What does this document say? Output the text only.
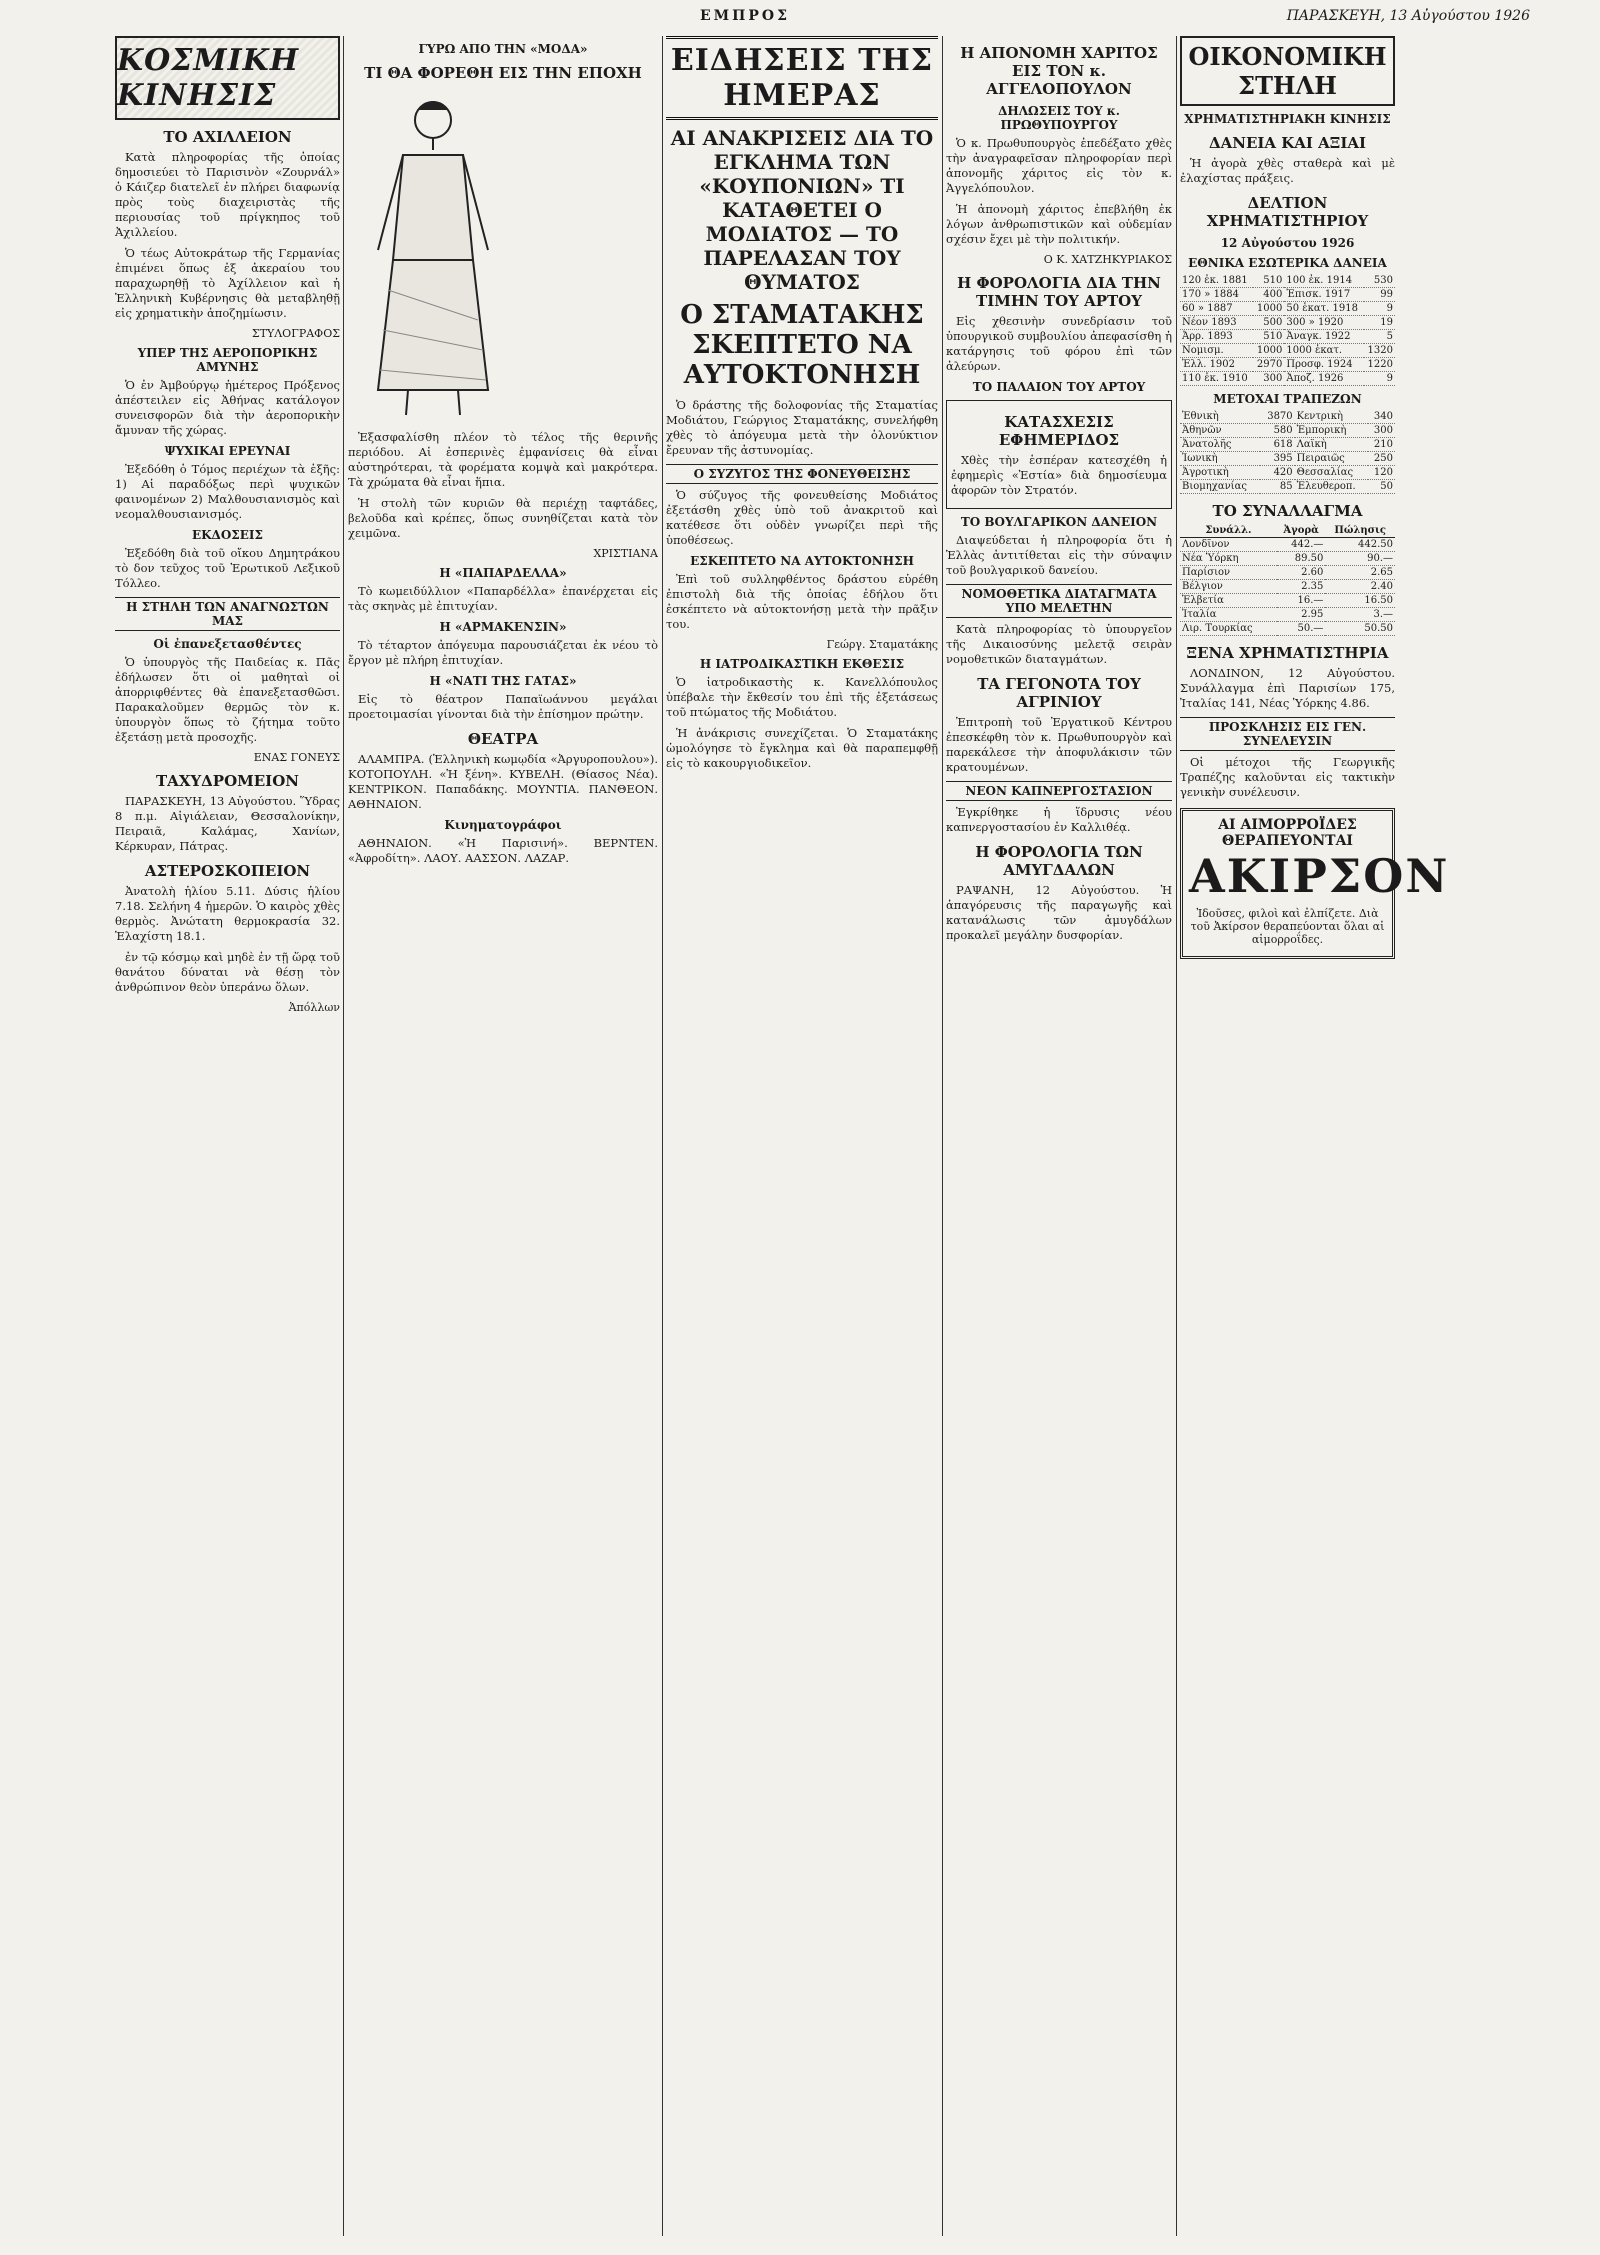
ΕΜΠΡΟΣ	ΠΑΡΑΣΚΕΥΗ, 13 Αὐγούστου 1926
ΚΟΣΜΙΚΗ ΚΙΝΗΣΙΣ
ΤΟ ΑΧΙΛΛΕΙΟΝ

Κατὰ πληροφορίας τῆς ὁποίας δημοσιεύει τὸ Παρισινὸν «Ζουρνάλ» ὁ Κάιζερ διατελεῖ ἐν πλήρει διαφωνίᾳ πρὸς τοὺς διαχειριστὰς τῆς περιουσίας τοῦ πρίγκηπος τοῦ Ἀχιλλείου.

Ὁ τέως Αὐτοκράτωρ τῆς Γερμανίας ἐπιμένει ὅπως ἐξ ἀκεραίου του παραχωρηθῇ τὸ Ἀχίλλειον καὶ ἡ Ἑλληνικὴ Κυβέρνησις θὰ μεταβληθῇ εἰς χρηματικὴν ἀποζημίωσιν.

ΣΤΥΛΟΓΡΑΦΟΣ
ΥΠΕΡ ΤΗΣ ΑΕΡΟΠΟΡΙΚΗΣ ΑΜΥΝΗΣ

Ὁ ἐν Ἀμβούργῳ ἡμέτερος Πρόξενος ἀπέστειλεν εἰς Ἀθήνας κατάλογον συνεισφορῶν διὰ τὴν ἀεροπορικὴν ἄμυναν τῆς χώρας.

ΨΥΧΙΚΑΙ ΕΡΕΥΝΑΙ

Ἐξεδόθη ὁ Τόμος περιέχων τὰ ἑξῆς: 1) Αἱ παραδόξως περὶ ψυχικῶν φαινομένων 2) Μαλθουσιανισμὸς καὶ νεομαλθουσιανισμός.

ΕΚΔΟΣΕΙΣ

Ἐξεδόθη διὰ τοῦ οἴκου Δημητράκου τὸ δον τεῦχος τοῦ Ἐρωτικοῦ Λεξικοῦ Τόλλεο.

Η ΣΤΗΛΗ ΤΩΝ ΑΝΑΓΝΩΣΤΩΝ ΜΑΣ
Οἱ ἐπανεξετασθέντες

Ὁ ὑπουργὸς τῆς Παιδείας κ. Πᾶς ἐδήλωσεν ὅτι οἱ μαθηταὶ οἱ ἀπορριφθέντες θὰ ἐπανεξετασθῶσι. Παρακαλοῦμεν θερμῶς τὸν κ. ὑπουργὸν ὅπως τὸ ζήτημα τοῦτο ἐξετάσῃ μετὰ προσοχῆς.

ΕΝΑΣ ΓΟΝΕΥΣ
ΤΑΧΥΔΡΟΜΕΙΟΝ

ΠΑΡΑΣΚΕΥΗ, 13 Αὐγούστου. Ὕδρας 8 π.μ. Αἰγιάλειαν, Θεσσαλονίκην, Πειραιᾶ, Καλάμας, Χανίων, Κέρκυραν, Πάτρας.

ΑΣΤΕΡΟΣΚΟΠΕΙΟΝ

Ἀνατολὴ ἡλίου 5.11. Δύσις ἡλίου 7.18. Σελήνη 4 ἡμερῶν. Ὁ καιρὸς χθὲς θερμὸς. Ἀνώτατη θερμοκρασία 32. Ἐλαχίστη 18.1.

ἐν τῷ κόσμῳ καὶ μηδὲ ἐν τῇ ὥρᾳ τοῦ θανάτου δύναται νὰ θέσῃ τὸν ἀνθρώπινον θεὸν ὑπεράνω ὅλων.

Ἀπόλλων
ΓΥΡΩ ΑΠΟ ΤΗΝ «ΜΟΔΑ»
ΤΙ ΘΑ ΦΟΡΕΘΗ ΕΙΣ ΤΗΝ ΕΠΟΧΗ

Ἐξασφαλίσθη πλέον τὸ τέλος τῆς θερινῆς περιόδου. Αἱ ἐσπερινὲς ἐμφανίσεις θὰ εἶναι αὐστηρότεραι, τὰ φορέματα κομψὰ καὶ μακρότερα. Τὰ χρώματα θὰ εἶναι ἥπια.

Ἡ στολὴ τῶν κυριῶν θὰ περιέχῃ ταφτάδες, βελοῦδα καὶ κρέπες, ὅπως συνηθίζεται κατὰ τὸν χειμῶνα.

ΧΡΙΣΤΙΑΝΑ
Η «ΠΑΠΑΡΔΕΛΛΑ»

Τὸ κωμειδύλλιον «Παπαρδέλλα» ἐπανέρχεται εἰς τὰς σκηνὰς μὲ ἐπιτυχίαν.

Η «ΑΡΜΑΚΕΝΣΙΝ»

Τὸ τέταρτον ἀπόγευμα παρουσιάζεται ἐκ νέου τὸ ἔργον μὲ πλήρη ἐπιτυχίαν.

Η «ΝΑΤΙ ΤΗΣ ΓΑΤΑΣ»

Εἰς τὸ θέατρον Παπαϊωάννου μεγάλαι προετοιμασίαι γίνονται διὰ τὴν ἐπίσημον πρώτην.

ΘΕΑΤΡΑ

ΑΛΑΜΠΡΑ. (Ἑλληνικὴ κωμῳδία «Ἀργυροπουλου»). ΚΟΤΟΠΟΥΛΗ. «Ἡ ξένη». ΚΥΒΕΛΗ. (Θίασος Νέα). ΚΕΝΤΡΙΚΟΝ. Παπαδάκης. ΜΟΥΝΤΙΑ. ΠΑΝΘΕΟΝ. ΑΘΗΝΑΙΟΝ.

Κινηματογράφοι

ΑΘΗΝΑΙΟΝ. «Ἡ Παρισινή». ΒΕΡΝΤΕΝ. «Ἀφροδίτη». ΛΑΟΥ. ΑΑΣΣΟΝ. ΛΑΖΑΡ.

ΕΙΔΗΣΕΙΣ ΤΗΣ ΗΜΕΡΑΣ
ΑΙ ΑΝΑΚΡΙΣΕΙΣ ΔΙΑ ΤΟ ΕΓΚΛΗΜΑ ΤΩΝ «ΚΟΥΠΟΝΙΩΝ» ΤΙ ΚΑΤΑΘΕΤΕΙ Ο ΜΟΔΙΑΤΟΣ — ΤΟ ΠΑΡΕΛΑΣΑΝ ΤΟΥ ΘΥΜΑΤΟΣ
Ο ΣΤΑΜΑΤΑΚΗΣ ΣΚΕΠΤΕΤΟ ΝΑ ΑΥΤΟΚΤΟΝΗΣΗ

Ὁ δράστης τῆς δολοφονίας τῆς Σταματίας Μοδιάτου, Γεώργιος Σταματάκης, συνελήφθη χθὲς τὸ ἀπόγευμα μετὰ τὴν ὁλονύκτιον ἔρευναν τῆς ἀστυνομίας.

Ο ΣΥΖΥΓΟΣ ΤΗΣ ΦΟΝΕΥΘΕΙΣΗΣ

Ὁ σύζυγος τῆς φονευθείσης Μοδιάτος ἐξετάσθη χθὲς ὑπὸ τοῦ ἀνακριτοῦ καὶ κατέθεσε ὅτι οὐδὲν γνωρίζει περὶ τῆς ὑποθέσεως.

ΕΣΚΕΠΤΕΤΟ ΝΑ ΑΥΤΟΚΤΟΝΗΣΗ

Ἐπὶ τοῦ συλληφθέντος δράστου εὑρέθη ἐπιστολὴ διὰ τῆς ὁποίας ἐδήλου ὅτι ἐσκέπτετο νὰ αὐτοκτονήσῃ μετὰ τὴν πρᾶξιν του.

Γεώργ. Σταματάκης
Η ΙΑΤΡΟΔΙΚΑΣΤΙΚΗ ΕΚΘΕΣΙΣ

Ὁ ἰατροδικαστὴς κ. Κανελλόπουλος ὑπέβαλε τὴν ἔκθεσίν του ἐπὶ τῆς ἐξετάσεως τοῦ πτώματος τῆς Μοδιάτου.

Ἡ ἀνάκρισις συνεχίζεται. Ὁ Σταματάκης ὡμολόγησε τὸ ἔγκλημα καὶ θὰ παραπεμφθῇ εἰς τὸ κακουργιοδικεῖον.

Η ΑΠΟΝΟΜΗ ΧΑΡΙΤΟΣ ΕΙΣ ΤΟΝ κ. ΑΓΓΕΛΟΠΟΥΛΟΝ
ΔΗΛΩΣΕΙΣ ΤΟΥ κ. ΠΡΩΘΥΠΟΥΡΓΟΥ

Ὁ κ. Πρωθυπουργὸς ἐπεδέξατο χθὲς τὴν ἀναγραφεῖσαν πληροφορίαν περὶ ἀπονομῆς χάριτος εἰς τὸν κ. Ἀγγελόπουλον.

Ἡ ἀπονομὴ χάριτος ἐπεβλήθη ἐκ λόγων ἀνθρωπιστικῶν καὶ οὐδεμίαν σχέσιν ἔχει μὲ τὴν πολιτικήν.

Ο Κ. ΧΑΤΖΗΚΥΡΙΑΚΟΣ
Η ΦΟΡΟΛΟΓΙΑ ΔΙΑ ΤΗΝ ΤΙΜΗΝ ΤΟΥ ΑΡΤΟΥ

Εἰς χθεσινὴν συνεδρίασιν τοῦ ὑπουργικοῦ συμβουλίου ἀπεφασίσθη ἡ κατάργησις τοῦ φόρου ἐπὶ τῶν ἀλεύρων.

ΤΟ ΠΑΛΑΙΟΝ ΤΟΥ ΑΡΤΟΥ
ΚΑΤΑΣΧΕΣΙΣ ΕΦΗΜΕΡΙΔΟΣ

Χθὲς τὴν ἑσπέραν κατεσχέθη ἡ ἐφημερὶς «Ἑστία» διὰ δημοσίευμα ἀφορῶν τὸν Στρατόν.

ΤΟ ΒΟΥΛΓΑΡΙΚΟΝ ΔΑΝΕΙΟΝ

Διαψεύδεται ἡ πληροφορία ὅτι ἡ Ἑλλὰς ἀντιτίθεται εἰς τὴν σύναψιν τοῦ βουλγαρικοῦ δανείου.

ΝΟΜΟΘΕΤΙΚΑ ΔΙΑΤΑΓΜΑΤΑ ΥΠΟ ΜΕΛΕΤΗΝ

Κατὰ πληροφορίας τὸ ὑπουργεῖον τῆς Δικαιοσύνης μελετᾷ σειρὰν νομοθετικῶν διαταγμάτων.

ΤΑ ΓΕΓΟΝΟΤΑ ΤΟΥ ΑΓΡΙΝΙΟΥ

Ἐπιτροπὴ τοῦ Ἐργατικοῦ Κέντρου ἐπεσκέφθη τὸν κ. Πρωθυπουργὸν καὶ παρεκάλεσε τὴν ἀποφυλάκισιν τῶν κρατουμένων.

ΝΕΟΝ ΚΑΠΝΕΡΓΟΣΤΑΣΙΟΝ

Ἐγκρίθηκε ἡ ἵδρυσις νέου καπνεργοστασίου ἐν Καλλιθέᾳ.

Η ΦΟΡΟΛΟΓΙΑ ΤΩΝ ΑΜΥΓΔΑΛΩΝ

ΡΑΨΑΝΗ, 12 Αὐγούστου. Ἡ ἀπαγόρευσις τῆς παραγωγῆς καὶ κατανάλωσις τῶν ἀμυγδάλων προκαλεῖ μεγάλην δυσφορίαν.

ΟΙΚΟΝΟΜΙΚΗ ΣΤΗΛΗ
ΧΡΗΜΑΤΙΣΤΗΡΙΑΚΗ ΚΙΝΗΣΙΣ
ΔΑΝΕΙΑ ΚΑΙ ΑΞΙΑΙ

Ἡ ἀγορὰ χθὲς σταθερὰ καὶ μὲ ἐλαχίστας πράξεις.

ΔΕΛΤΙΟΝ ΧΡΗΜΑΤΙΣΤΗΡΙΟΥ
12 Αὐγούστου 1926
ΕΘΝΙΚΑ ΕΣΩΤΕΡΙΚΑ ΔΑΝΕΙΑ
120 ἐκ. 1881	510	100 ἐκ. 1914	530
170 » 1884	400	Ἐπισκ. 1917	99
60 » 1887	1000	50 ἑκατ. 1918	9
Νέον 1893	500	300 » 1920	19
Ἀρρ. 1893	510	Ἀναγκ. 1922	5
Νομισμ.	1000	1000 ἑκατ.	1320
Ἐλλ. 1902	2970	Προσφ. 1924	1220
110 ἐκ. 1910	300	Ἀποζ. 1926	9
ΜΕΤΟΧΑΙ ΤΡΑΠΕΖΩΝ
Ἐθνικὴ	3870	Κεντρικὴ	340
Ἀθηνῶν	580	Ἐμπορικὴ	300
Ἀνατολῆς	618	Λαϊκὴ	210
Ἰωνικὴ	395	Πειραιῶς	250
Ἀγροτικὴ	420	Θεσσαλίας	120
Βιομηχανίας	85	Ἐλευθεροπ.	50
ΤΟ ΣΥΝΑΛΛΑΓΜΑ
Συνάλλ.	Ἀγορὰ	Πώλησις
Λονδῖνον	442.—	442.50
Νέα Ὑόρκη	89.50	90.—
Παρίσιον	2.60	2.65
Βέλγιον	2.35	2.40
Ἑλβετία	16.—	16.50
Ἰταλία	2.95	3.—
Λιρ. Τουρκίας	50.—	50.50
ΞΕΝΑ ΧΡΗΜΑΤΙΣΤΗΡΙΑ

ΛΟΝΔΙΝΟΝ, 12 Αὐγούστου. Συνάλλαγμα ἐπὶ Παρισίων 175, Ἰταλίας 141, Νέας Ὑόρκης 4.86.

ΠΡΟΣΚΛΗΣΙΣ ΕΙΣ ΓΕΝ. ΣΥΝΕΛΕΥΣΙΝ

Οἱ μέτοχοι τῆς Γεωργικῆς Τραπέζης καλοῦνται εἰς τακτικὴν γενικὴν συνέλευσιν.

ΑΙ ΑΙΜΟΡΡΟΪΔΕΣ ΘΕΡΑΠΕΥΟΝΤΑΙ
ΑΚΙΡΣΟΝ

Ἰδοῦσες, φιλοὶ καὶ ἐλπίζετε. Διὰ τοῦ Ἀκίρσον θεραπεύονται ὅλαι αἱ αἱμορροΐδες.
